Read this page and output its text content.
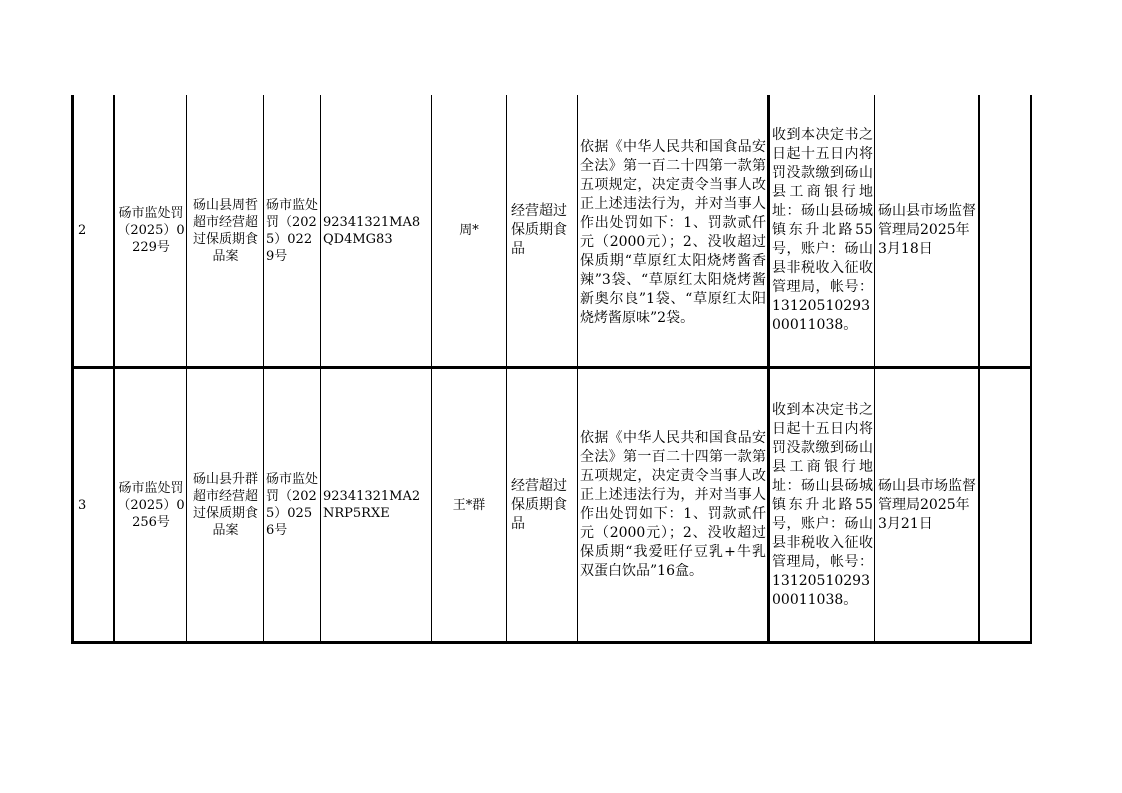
2
砀市监处罚（2025）0229号
砀山县周哲超市经营超过保质期食品案
砀市监处罚（2025）0229号
92341321MA8QD4MG83
周*
经营超过保质期食品
依据《中华人民共和国食品安全法》第一百二十四第一款第五项规定，决定责令当事人改正上述违法行为，并对当事人作出处罚如下：1、罚款贰仟元（2000元）；2、没收超过保质期“草原红太阳烧烤酱香辣”3袋、“草原红太阳烧烤酱新奥尔良”1袋、“草原红太阳烧烤酱原味”2袋。
收到本决定书之日起十五日内将罚没款缴到砀山县工商银行地址：砀山县砀城镇东升北路55号，账户：砀山县非税收入征收管理局，帐号：1312051029300011038。
砀山县市场监督管理局2025年3月18日
3
砀市监处罚（2025）0256号
砀山县升群超市经营超过保质期食品案
砀市监处罚（2025）0256号
92341321MA2NRP5RXE
王*群
经营超过保质期食品
依据《中华人民共和国食品安全法》第一百二十四第一款第五项规定，决定责令当事人改正上述违法行为，并对当事人作出处罚如下：1、罚款贰仟元（2000元）；2、没收超过保质期“我爱旺仔豆乳+牛乳双蛋白饮品”16盒。
收到本决定书之日起十五日内将罚没款缴到砀山县工商银行地址：砀山县砀城镇东升北路55号，账户：砀山县非税收入征收管理局，帐号：1312051029300011038。
砀山县市场监督管理局2025年3月21日
